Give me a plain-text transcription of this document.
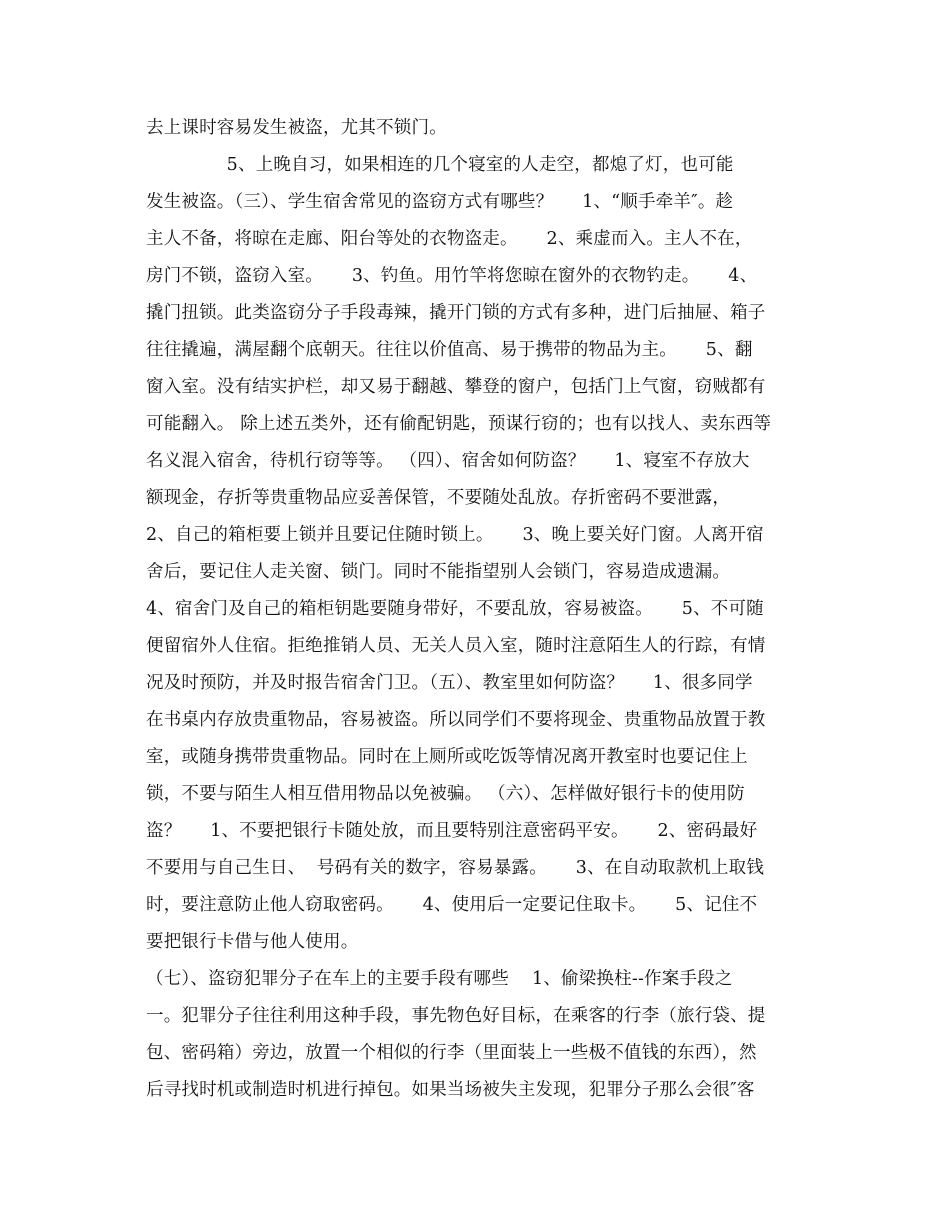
去上课时容易发生被盗，尤其不锁门。
5、上晚自习，如果相连的几个寝室的人走空，都熄了灯，也可能
发生被盗。（三）、学生宿舍常见的盗窃方式有哪些？     1、“顺手牵羊″。趁
主人不备，将晾在走廊、阳台等处的衣物盗走。     2、乘虚而入。主人不在，
房门不锁，盗窃入室。     3、钓鱼。用竹竿将您晾在窗外的衣物钓走。     4、
撬门扭锁。此类盗窃分子手段毒辣，撬开门锁的方式有多种，进门后抽屉、箱子
往往撬遍，满屋翻个底朝天。往往以价值高、易于携带的物品为主。     5、翻
窗入室。没有结实护栏，却又易于翻越、攀登的窗户，包括门上气窗，窃贼都有
可能翻入。 除上述五类外，还有偷配钥匙，预谋行窃的；也有以找人、卖东西等
名义混入宿舍，待机行窃等等。 （四）、宿舍如何防盗？     1、寝室不存放大
额现金，存折等贵重物品应妥善保管，不要随处乱放。存折密码不要泄露，
2、自己的箱柜要上锁并且要记住随时锁上。     3、晚上要关好门窗。人离开宿
舍后，要记住人走关窗、锁门。同时不能指望别人会锁门，容易造成遗漏。
4、宿舍门及自己的箱柜钥匙要随身带好，不要乱放，容易被盗。     5、不可随
便留宿外人住宿。拒绝推销人员、无关人员入室，随时注意陌生人的行踪，有情
况及时预防，并及时报告宿舍门卫。（五）、教室里如何防盗？     1、很多同学
在书桌内存放贵重物品，容易被盗。所以同学们不要将现金、贵重物品放置于教
室，或随身携带贵重物品。同时在上厕所或吃饭等情况离开教室时也要记住上
锁，不要与陌生人相互借用物品以免被骗。 （六）、怎样做好银行卡的使用防
盗？     1、不要把银行卡随处放，而且要特别注意密码平安。     2、密码最好
不要用与自己生日、  号码有关的数字，容易暴露。     3、在自动取款机上取钱
时，要注意防止他人窃取密码。     4、使用后一定要记住取卡。     5、记住不
要把银行卡借与他人使用。
（七）、盗窃犯罪分子在车上的主要手段有哪些    1、偷梁换柱--作案手段之
一。犯罪分子往往利用这种手段，事先物色好目标，在乘客的行李（旅行袋、提
包、密码箱）旁边，放置一个相似的行李（里面装上一些极不值钱的东西），然
后寻找时机或制造时机进行掉包。如果当场被失主发现，犯罪分子那么会很″客
